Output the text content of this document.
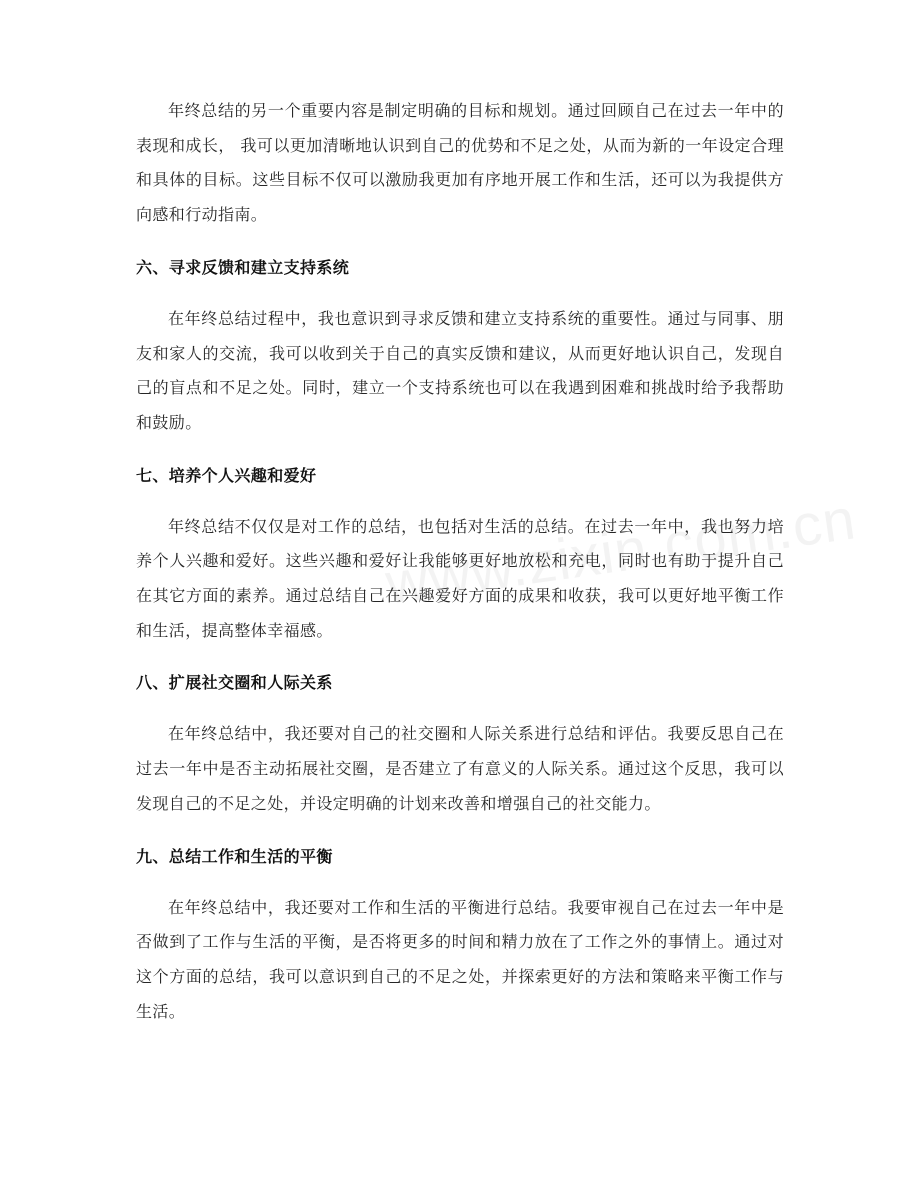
年终总结的另一个重要内容是制定明确的目标和规划。通过回顾自己在过去一年中的表现和成长， 我可以更加清晰地认识到自己的优势和不足之处，从而为新的一年设定合理和具体的目标。这些目标不仅可以激励我更加有序地开展工作和生活，还可以为我提供方向感和行动指南。

六、寻求反馈和建立支持系统

在年终总结过程中，我也意识到寻求反馈和建立支持系统的重要性。通过与同事、朋友和家人的交流，我可以收到关于自己的真实反馈和建议，从而更好地认识自己，发现自己的盲点和不足之处。同时，建立一个支持系统也可以在我遇到困难和挑战时给予我帮助和鼓励。

七、培养个人兴趣和爱好

年终总结不仅仅是对工作的总结，也包括对生活的总结。在过去一年中，我也努力培养个人兴趣和爱好。这些兴趣和爱好让我能够更好地放松和充电，同时也有助于提升自己在其它方面的素养。通过总结自己在兴趣爱好方面的成果和收获，我可以更好地平衡工作和生活，提高整体幸福感。

八、扩展社交圈和人际关系

在年终总结中，我还要对自己的社交圈和人际关系进行总结和评估。我要反思自己在过去一年中是否主动拓展社交圈，是否建立了有意义的人际关系。通过这个反思，我可以发现自己的不足之处，并设定明确的计划来改善和增强自己的社交能力。

九、总结工作和生活的平衡

在年终总结中，我还要对工作和生活的平衡进行总结。我要审视自己在过去一年中是否做到了工作与生活的平衡，是否将更多的时间和精力放在了工作之外的事情上。通过对这个方面的总结，我可以意识到自己的不足之处，并探索更好的方法和策略来平衡工作与生活。
